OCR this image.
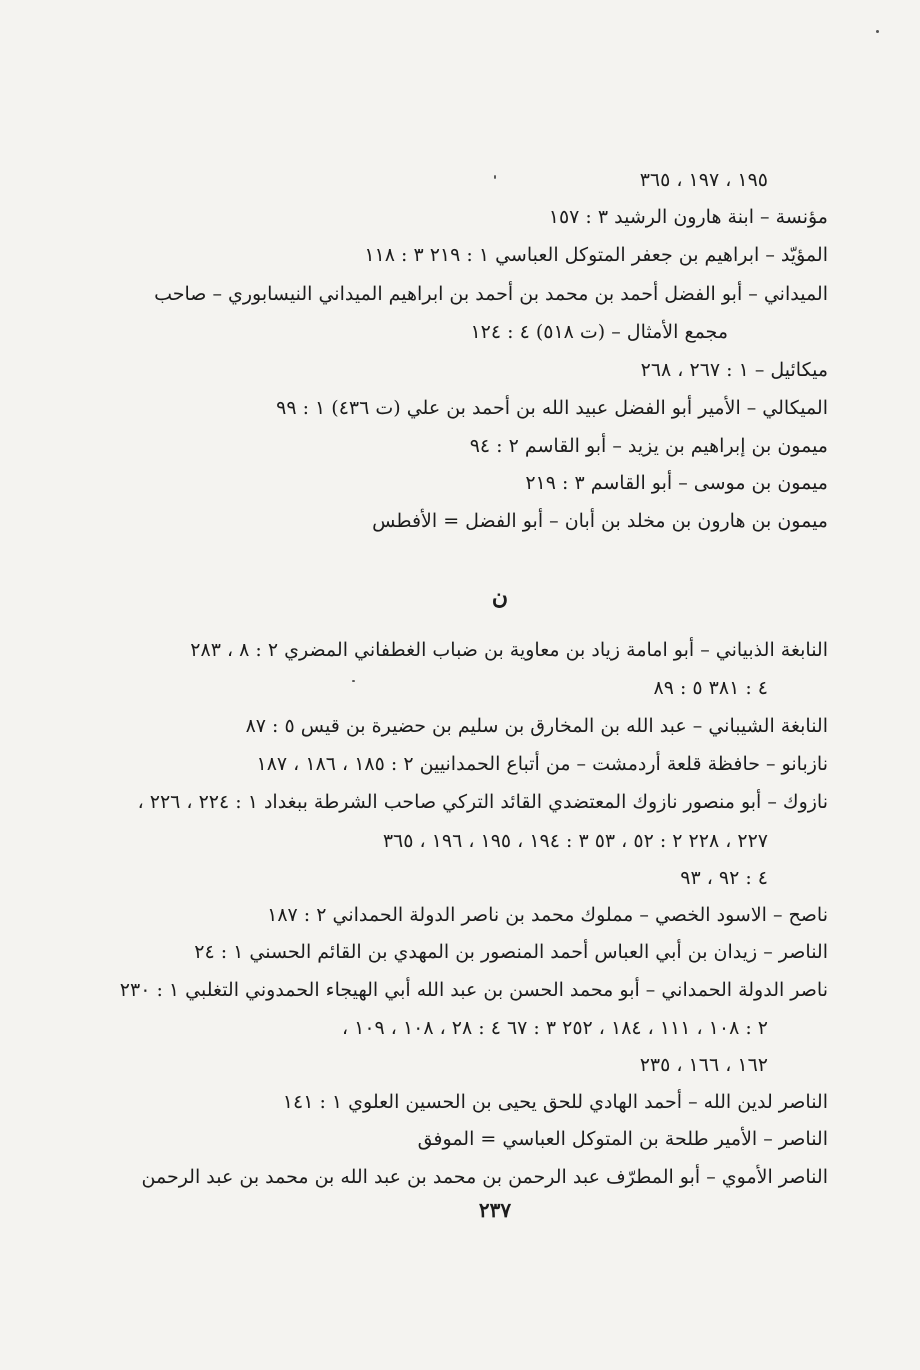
١٩٥ ، ١٩٧ ، ٣٦٥
مؤنسة – ابنة هارون الرشيد ٣ : ١٥٧
المؤيّد – ابراهيم بن جعفر المتوكل العباسي ١ : ٢١٩ ٣ : ١١٨
الميداني – أبو الفضل أحمد بن محمد بن أحمد بن ابراهيم الميداني النيسابوري – صاحب
مجمع الأمثال – (ت ٥١٨) ٤ : ١٢٤
ميكائيل – ١ : ٢٦٧ ، ٢٦٨
الميكالي – الأمير أبو الفضل عبيد الله بن أحمد بن علي (ت ٤٣٦) ١ : ٩٩
ميمون بن إبراهيم بن يزيد – أبو القاسم ٢ : ٩٤
ميمون بن موسى – أبو القاسم ٣ : ٢١٩
ميمون بن هارون بن مخلد بن أبان – أبو الفضل = الأفطس
ن
النابغة الذبياني – أبو امامة زياد بن معاوية بن ضباب الغطفاني المضري ٢ : ٨ ، ٢٨٣
٤ : ٣٨١ ٥ : ٨٩
النابغة الشيباني – عبد الله بن المخارق بن سليم بن حضيرة بن قيس ٥ : ٨٧
نازبانو – حافظة قلعة أردمشت – من أتباع الحمدانيين ٢ : ١٨٥ ، ١٨٦ ، ١٨٧
نازوك – أبو منصور نازوك المعتضدي القائد التركي صاحب الشرطة ببغداد ١ : ٢٢٤ ، ٢٢٦ ،
٢٢٧ ، ٢٢٨ ٢ : ٥٢ ، ٥٣ ٣ : ١٩٤ ، ١٩٥ ، ١٩٦ ، ٣٦٥
٤ : ٩٢ ، ٩٣
ناصح – الاسود الخصي – مملوك محمد بن ناصر الدولة الحمداني ٢ : ١٨٧
الناصر – زيدان بن أبي العباس أحمد المنصور بن المهدي بن القائم الحسني ١ : ٢٤
ناصر الدولة الحمداني – أبو محمد الحسن بن عبد الله أبي الهيجاء الحمدوني التغلبي ١ : ٢٣٠
٢ : ١٠٨ ، ١١١ ، ١٨٤ ، ٢٥٢ ٣ : ٦٧ ٤ : ٢٨ ، ١٠٨ ، ١٠٩ ،
١٦٢ ، ١٦٦ ، ٢٣٥
الناصر لدين الله – أحمد الهادي للحق يحيى بن الحسين العلوي ١ : ١٤١
الناصر – الأمير طلحة بن المتوكل العباسي = الموفق
الناصر الأموي – أبو المطرّف عبد الرحمن بن محمد بن عبد الله بن محمد بن عبد الرحمن
٢٣٧
